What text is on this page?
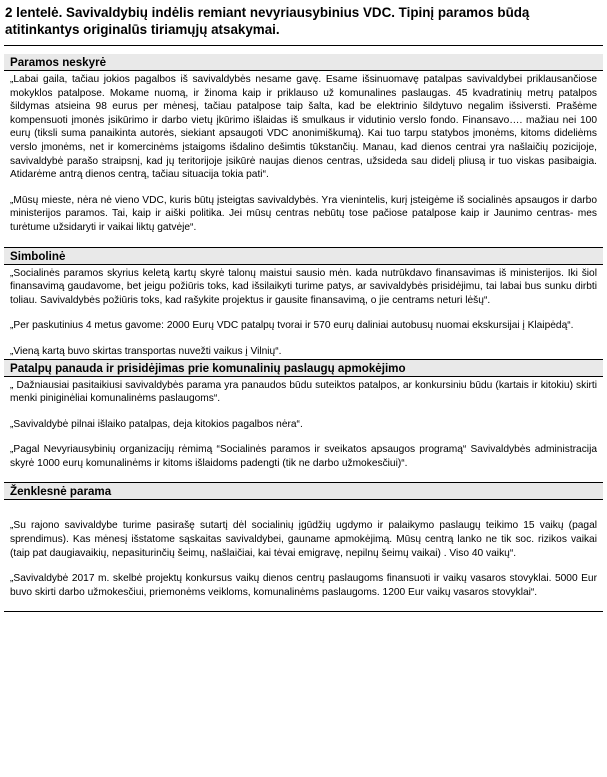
2 lentelė. Savivaldybių indėlis remiant nevyriausybinius VDC. Tipinį paramos būdą atitinkantys originalūs tiriamųjų atsakymai.
Paramos neskyrė

„Labai gaila, tačiau jokios pagalbos iš savivaldybės nesame gavę. Esame išsinuomavę patalpas savivaldybei priklausančiose mokyklos patalpose. Mokame nuomą, ir žinoma kaip ir priklauso už komunalines paslaugas. 45 kvadratinių metrų patalpos šildymas atsieina 98 eurus per mėnesį, tačiau patalpose taip šalta, kad be elektrinio šildytuvo negalim išsiversti. Prašėme kompensuoti įmonės įsikūrimo ir darbo vietų įkūrimo išlaidas iš smulkaus ir vidutinio verslo fondo. Finansavo…. mažiau nei 100 eurų (tiksli suma panaikinta autorės, siekiant apsaugoti VDC anonimiškumą). Kai tuo tarpu statybos įmonėms, kitoms dideliėms verslo įmonėms, net ir komercinėms įstaigoms išdalino dešimtis tūkstančių. Manau, kad dienos centrai yra našlaičių pozicijoje, savivaldybė parašo straipsnį, kad jų teritorijoje įsikūrė naujas dienos centras, užsideda sau didelį pliusą ir tuo viskas pasibaigia. Atidarėme antrą dienos centrą, tačiau situacija tokia pati“.

„Mūsų mieste, nėra nė vieno VDC, kuris būtų įsteigtas savivaldybės. Yra vienintelis, kurį įsteigėme iš socialinės apsaugos ir darbo ministerijos paramos. Tai, kaip ir aiški politika. Jei mūsų centras nebūtų tose pačiose patalpose kaip ir Jaunimo centras- mes turėtume užsidaryti ir vaikai liktų gatvėje“.

Simbolinė

„Socialinės paramos skyrius keletą kartų skyrė talonų maistui sausio mėn. kada nutrūkdavo finansavimas iš ministerijos. Iki šiol finansavimą gaudavome, bet jeigu požiūris toks, kad išsilaikyti turime patys, ar savivaldybės prisidėjimu, tai labai bus sunku dirbti toliau. Savivaldybės požiūris toks, kad rašykite projektus ir gausite finansavimą, o jie centrams neturi lėšų“.

„Per paskutinius 4 metus gavome: 2000 Eurų VDC patalpų tvorai ir 570 eurų daliniai autobusų nuomai ekskursijai į Klaipėdą“.

„Vieną kartą buvo skirtas transportas nuvežti vaikus į Vilnių“.

Patalpų panauda ir prisidėjimas prie komunalinių paslaugų apmokėjimo

„ Dažniausiai pasitaikiusi savivaldybės parama yra panaudos būdu suteiktos patalpos, ar konkursiniu būdu (kartais ir kitokiu) skirti menki piniginėliai komunalinėms paslaugoms“.

„Savivaldybė pilnai išlaiko patalpas, deja kitokios pagalbos nėra“.

„Pagal Nevyriausybinių organizacijų rėmimą “Socialinės paramos ir sveikatos apsaugos programą“ Savivaldybės administracija skyrė 1000 eurų komunalinėms ir kitoms išlaidoms padengti (tik ne darbo užmokesčiui)“.

Ženklesnė parama

„Su rajono savivaldybe turime pasirašę sutartį dėl socialinių įgūdžių ugdymo ir palaikymo paslaugų teikimo 15 vaikų (pagal sprendimus). Kas mėnesį išstatome sąskaitas savivaldybei, gauname apmokėjimą. Mūsų centrą lanko ne tik soc. rizikos vaikai (taip pat daugiavaikių, nepasiturinčių šeimų, našlaičiai, kai tėvai emigravę, nepilnų šeimų vaikai) . Viso 40 vaikų“.

„Savivaldybė 2017 m. skelbė projektų konkursus vaikų dienos centrų paslaugoms finansuoti ir vaikų vasaros stovyklai. 5000 Eur buvo skirti darbo užmokesčiui, priemonėms veikloms, komunalinėms paslaugoms. 1200 Eur vaikų vasaros stovyklai“.
